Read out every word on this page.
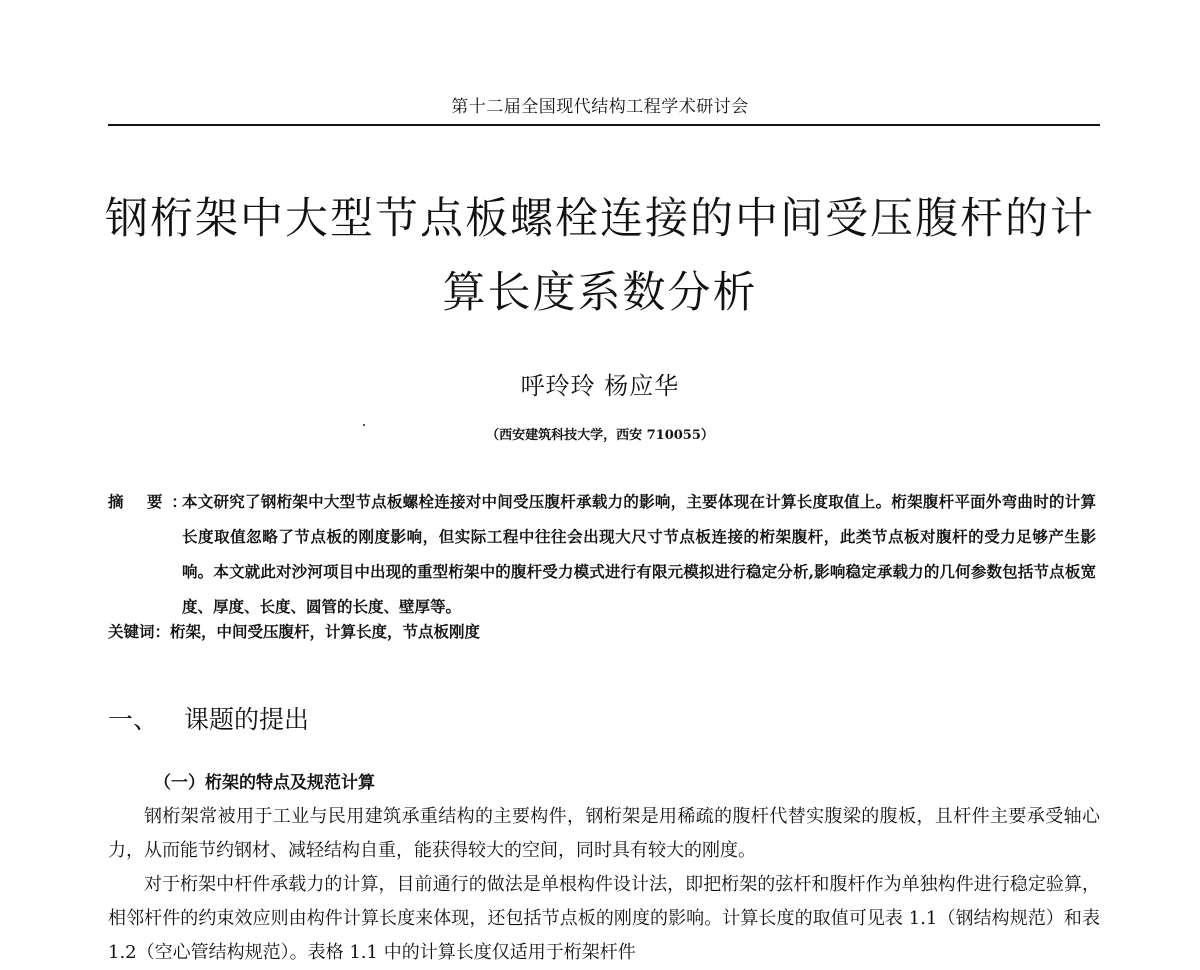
第十二届全国现代结构工程学术研讨会
钢桁架中大型节点板螺栓连接的中间受压腹杆的计算长度系数分析
呼玲玲 杨应华
（西安建筑科技大学，西安 710055）
摘 要：
本文研究了钢桁架中大型节点板螺栓连接对中间受压腹杆承载力的影响，主要体现在计算长度取值上。桁架腹杆平面外弯曲时的计算长度取值忽略了节点板的刚度影响，但实际工程中往往会出现大尺寸节点板连接的桁架腹杆，此类节点板对腹杆的受力足够产生影响。本文就此对沙河项目中出现的重型桁架中的腹杆受力模式进行有限元模拟进行稳定分析,影响稳定承载力的几何参数包括节点板宽度、厚度、长度、圆管的长度、壁厚等。
关键词：桁架，中间受压腹杆，计算长度，节点板刚度
一、 课题的提出
（一）桁架的特点及规范计算

钢桁架常被用于工业与民用建筑承重结构的主要构件，钢桁架是用稀疏的腹杆代替实腹梁的腹板，且杆件主要承受轴心力，从而能节约钢材、减轻结构自重，能获得较大的空间，同时具有较大的刚度。

对于桁架中杆件承载力的计算，目前通行的做法是单根构件设计法，即把桁架的弦杆和腹杆作为单独构件进行稳定验算，相邻杆件的约束效应则由构件计算长度来体现，还包括节点板的刚度的影响。计算长度的取值可见表 1.1（钢结构规范）和表 1.2（空心管结构规范）。表格 1.1 中的计算长度仅适用于桁架杆件
